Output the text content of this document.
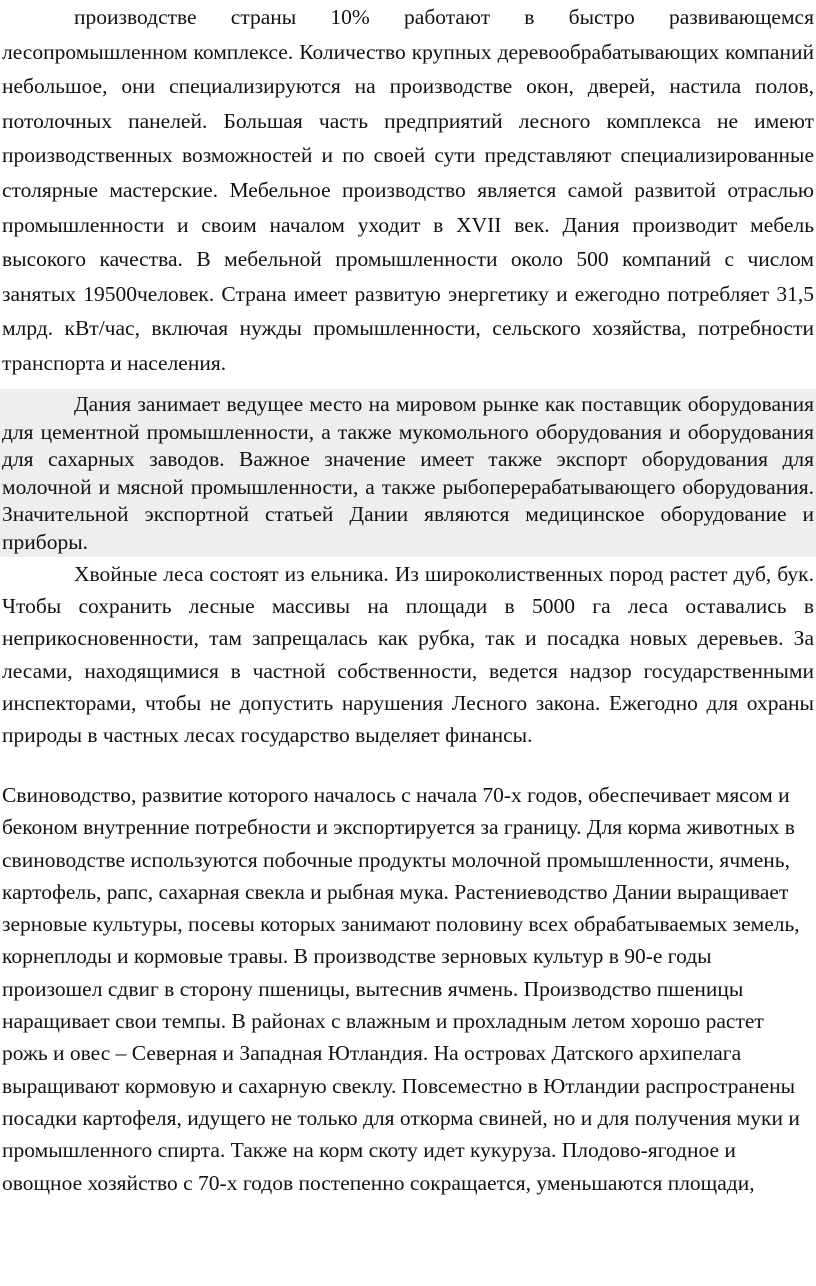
производстве страны 10% работают в быстро развивающемся лесопромышленном комплексе. Количество крупных деревообрабатывающих компаний небольшое, они специализируются на производстве окон, дверей, настила полов, потолочных панелей. Большая часть предприятий лесного комплекса не имеют производственных возможностей и по своей сути представляют специализированные столярные мастерские. Мебельное производство является самой развитой отраслью промышленности и своим началом уходит в XVII век. Дания производит мебель высокого качества. В мебельной промышленности около 500 компаний с числом занятых 19500человек. Страна имеет развитую энергетику и ежегодно потребляет 31,5 млрд. кВт/час, включая нужды промышленности, сельского хозяйства, потребности транспорта и населения.

Дания занимает ведущее место на мировом рынке как поставщик оборудования для цементной промышленности, а также мукомольного оборудования и оборудования для сахарных заводов. Важное значение имеет также экспорт оборудования для молочной и мясной промышленности, а также рыбоперерабатывающего оборудования. Значительной экспортной статьей Дании являются медицинское оборудование и приборы.

Хвойные леса состоят из ельника. Из широколиственных пород растет дуб, бук. Чтобы сохранить лесные массивы на площади в 5000 га леса оставались в неприкосновенности, там запрещалась как рубка, так и посадка новых деревьев. За лесами, находящимися в частной собственности, ведется надзор государственными инспекторами, чтобы не допустить нарушения Лесного закона. Ежегодно для охраны природы в частных лесах государство выделяет финансы.

Свиноводство, развитие которого началось с начала 70-х годов, обеспечивает мясом и беконом внутренние потребности и экспортируется за границу. Для корма животных в свиноводстве используются побочные продукты молочной промышленности, ячмень, картофель, рапс, сахарная свекла и рыбная мука. Растениеводство Дании выращивает зерновые культуры, посевы которых занимают половину всех обрабатываемых земель, корнеплоды и кормовые травы. В производстве зерновых культур в 90-е годы произошел сдвиг в сторону пшеницы, вытеснив ячмень. Производство пшеницы наращивает свои темпы. В районах с влажным и прохладным летом хорошо растет рожь и овес – Северная и Западная Ютландия. На островах Датского архипелага выращивают кормовую и сахарную свеклу. Повсеместно в Ютландии распространены посадки картофеля, идущего не только для откорма свиней, но и для получения муки и промышленного спирта. Также на корм скоту идет кукуруза. Плодово-ягодное и овощное хозяйство с 70-х годов постепенно сокращается, уменьшаются площади,
